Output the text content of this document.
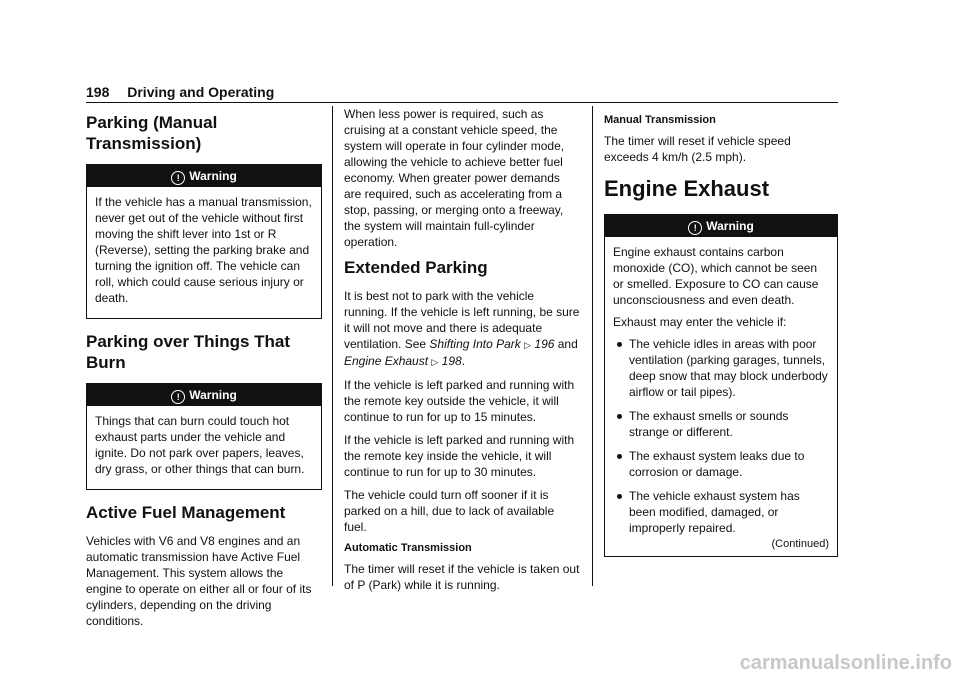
198 Driving and Operating
Parking (Manual Transmission)
! Warning

If the vehicle has a manual transmission, never get out of the vehicle without first moving the shift lever into 1st or R (Reverse), setting the parking brake and turning the ignition off. The vehicle can roll, which could cause serious injury or death.

Parking over Things That Burn
! Warning

Things that can burn could touch hot exhaust parts under the vehicle and ignite. Do not park over papers, leaves, dry grass, or other things that can burn.

Active Fuel Management

Vehicles with V6 and V8 engines and an automatic transmission have Active Fuel Management. This system allows the engine to operate on either all or four of its cylinders, depending on the driving conditions.

When less power is required, such as cruising at a constant vehicle speed, the system will operate in four cylinder mode, allowing the vehicle to achieve better fuel economy. When greater power demands are required, such as accelerating from a stop, passing, or merging onto a freeway, the system will maintain full-cylinder operation.

Extended Parking

It is best not to park with the vehicle running. If the vehicle is left running, be sure it will not move and there is adequate ventilation. See Shifting Into Park ▷ 196 and Engine Exhaust ▷ 198.

If the vehicle is left parked and running with the remote key outside the vehicle, it will continue to run for up to 15 minutes.

If the vehicle is left parked and running with the remote key inside the vehicle, it will continue to run for up to 30 minutes.

The vehicle could turn off sooner if it is parked on a hill, due to lack of available fuel.

Automatic Transmission

The timer will reset if the vehicle is taken out of P (Park) while it is running.

Manual Transmission

The timer will reset if vehicle speed exceeds 4 km/h (2.5 mph).

Engine Exhaust
! Warning

Engine exhaust contains carbon monoxide (CO), which cannot be seen or smelled. Exposure to CO can cause unconsciousness and even death.

Exhaust may enter the vehicle if:

The vehicle idles in areas with poor ventilation (parking garages, tunnels, deep snow that may block underbody airflow or tail pipes).
The exhaust smells or sounds strange or different.
The exhaust system leaks due to corrosion or damage.
The vehicle exhaust system has been modified, damaged, or improperly repaired.
(Continued)
carmanualsonline.info
